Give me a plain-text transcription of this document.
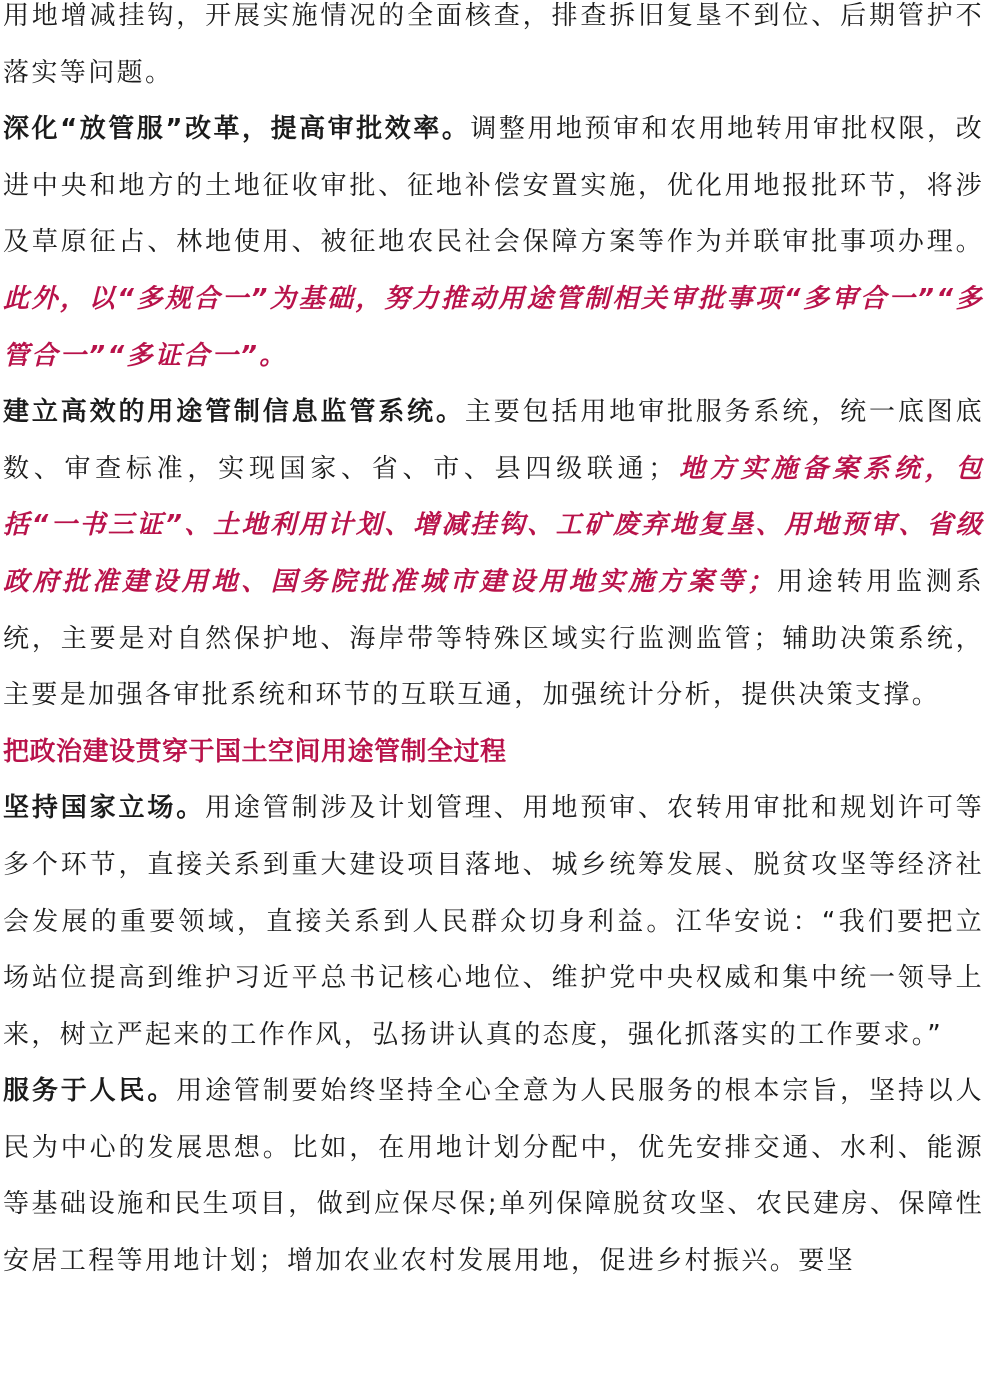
用地增减挂钩，开展实施情况的全面核查，排查拆旧复垦不到位、后期管护不落实等问题。

深化“放管服”改革，提高审批效率。调整用地预审和农用地转用审批权限，改进中央和地方的土地征收审批、征地补偿安置实施，优化用地报批环节，将涉及草原征占、林地使用、被征地农民社会保障方案等作为并联审批事项办理。此外，以“多规合一”为基础，努力推动用途管制相关审批事项“多审合一”“多管合一”“多证合一”。

建立高效的用途管制信息监管系统。主要包括用地审批服务系统，统一底图底数、审查标准，实现国家、省、市、县四级联通；地方实施备案系统，包括“一书三证”、土地利用计划、增减挂钩、工矿废弃地复垦、用地预审、省级政府批准建设用地、国务院批准城市建设用地实施方案等；用途转用监测系统，主要是对自然保护地、海岸带等特殊区域实行监测监管；辅助决策系统，主要是加强各审批系统和环节的互联互通，加强统计分析，提供决策支撑。

把政治建设贯穿于国土空间用途管制全过程

坚持国家立场。用途管制涉及计划管理、用地预审、农转用审批和规划许可等多个环节，直接关系到重大建设项目落地、城乡统筹发展、脱贫攻坚等经济社会发展的重要领域，直接关系到人民群众切身利益。江华安说：“我们要把立场站位提高到维护习近平总书记核心地位、维护党中央权威和集中统一领导上来，树立严起来的工作作风，弘扬讲认真的态度，强化抓落实的工作要求。”

服务于人民。用途管制要始终坚持全心全意为人民服务的根本宗旨，坚持以人民为中心的发展思想。比如，在用地计划分配中，优先安排交通、水利、能源等基础设施和民生项目，做到应保尽保;单列保障脱贫攻坚、农民建房、保障性安居工程等用地计划；增加农业农村发展用地，促进乡村振兴。要坚
